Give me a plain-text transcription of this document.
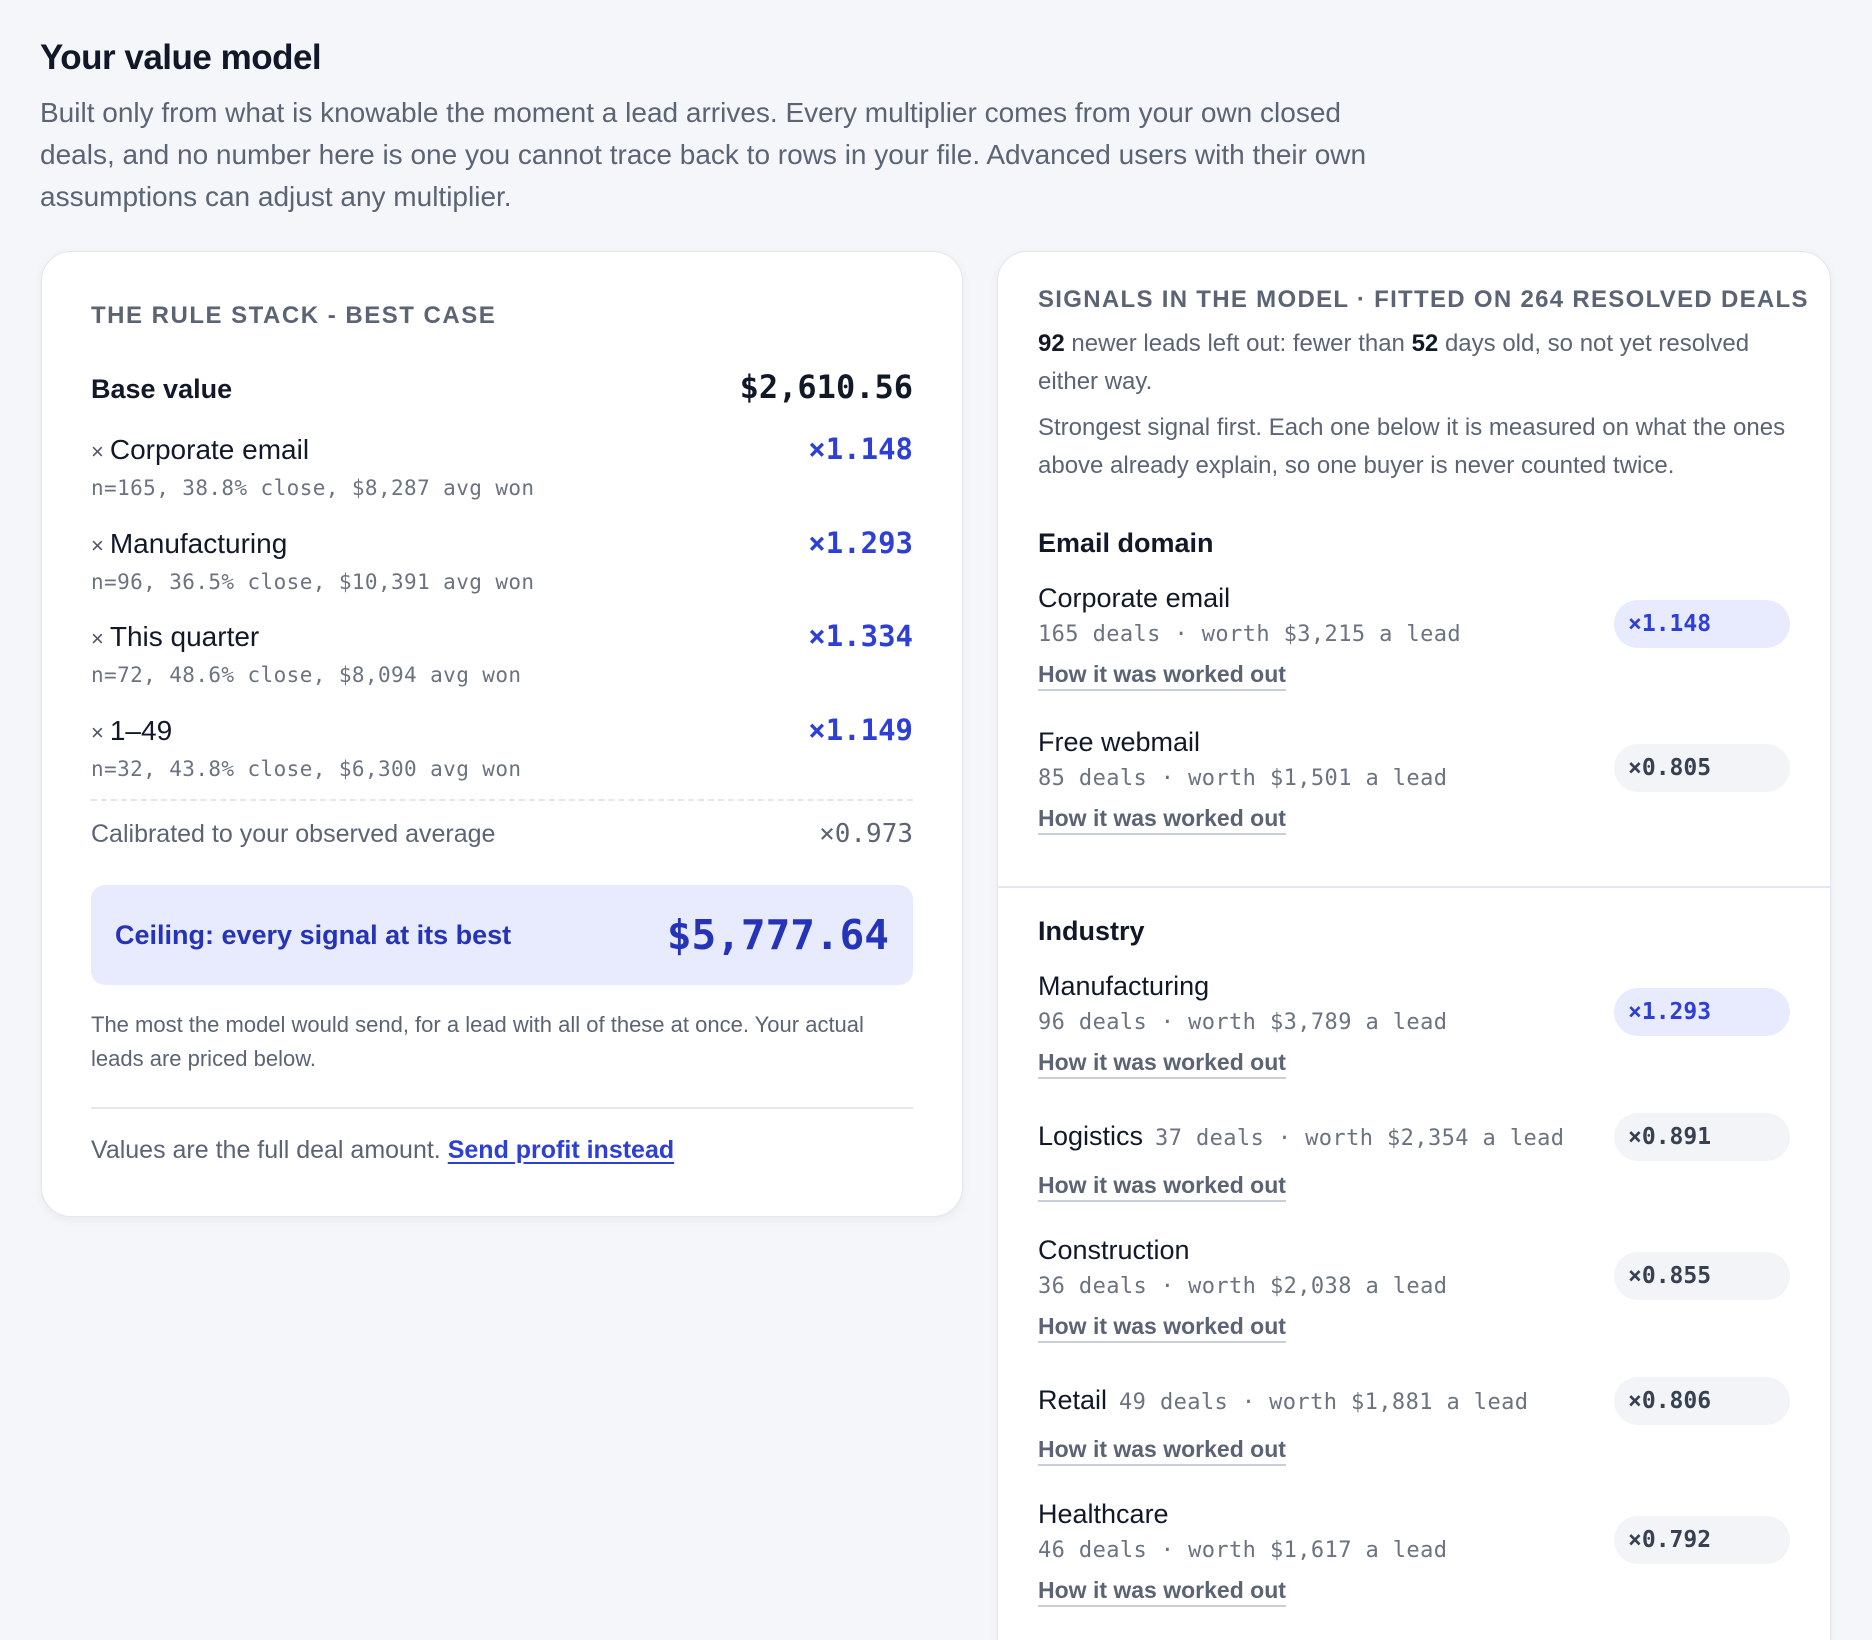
Your value model

Built only from what is knowable the moment a lead arrives. Every multiplier comes from your own closed deals, and no number here is one you cannot trace back to rows in your file. Advanced users with their own assumptions can adjust any multiplier.

THE RULE STACK - BEST CASE
Base value	$2,610.56
× Corporate email	×1.148
n=165, 38.8% close, $8,287 avg won
× Manufacturing	×1.293
n=96, 36.5% close, $10,391 avg won
× This quarter	×1.334
n=72, 48.6% close, $8,094 avg won
× 1–49	×1.149
n=32, 43.8% close, $6,300 avg won
Calibrated to your observed average	×0.973
Ceiling: every signal at its best	$5,777.64

The most the model would send, for a lead with all of these at once. Your actual leads are priced below.

Values are the full deal amount. Send profit instead
SIGNALS IN THE MODEL · FITTED ON 264 RESOLVED DEALS

92 newer leads left out: fewer than 52 days old, so not yet resolved either way.

Strongest signal first. Each one below it is measured on what the ones above already explain, so one buyer is never counted twice.

Email domain
Corporate email
165 deals · worth $3,215 a lead
How it was worked out
×1.148
Free webmail
85 deals · worth $1,501 a lead
How it was worked out
×0.805
Industry
Manufacturing
96 deals · worth $3,789 a lead
How it was worked out
×1.293
Logistics 37 deals · worth $2,354 a lead
How it was worked out
×0.891
Construction
36 deals · worth $2,038 a lead
How it was worked out
×0.855
Retail 49 deals · worth $1,881 a lead
How it was worked out
×0.806
Healthcare
46 deals · worth $1,617 a lead
How it was worked out
×0.792
